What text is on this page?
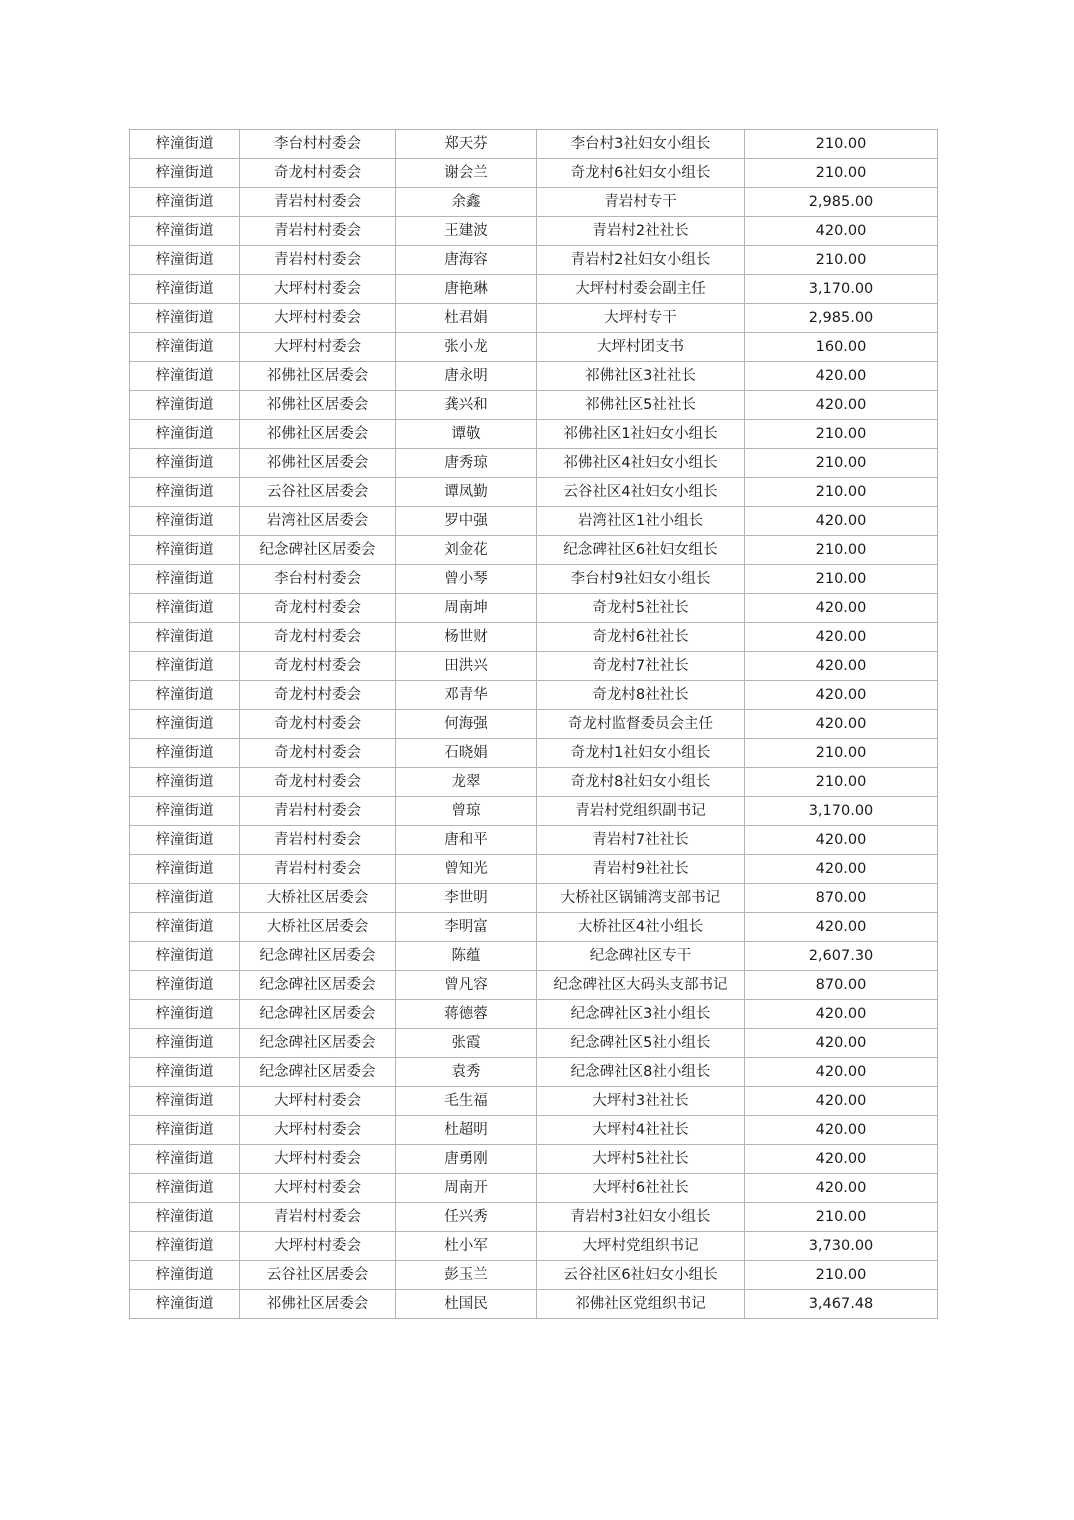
梓潼街道	李台村村委会	郑天芬	李台村3社妇女小组长	210.00
梓潼街道	奇龙村村委会	谢会兰	奇龙村6社妇女小组长	210.00
梓潼街道	青岩村村委会	余鑫	青岩村专干	2,985.00
梓潼街道	青岩村村委会	王建波	青岩村2社社长	420.00
梓潼街道	青岩村村委会	唐海容	青岩村2社妇女小组长	210.00
梓潼街道	大坪村村委会	唐艳琳	大坪村村委会副主任	3,170.00
梓潼街道	大坪村村委会	杜君娟	大坪村专干	2,985.00
梓潼街道	大坪村村委会	张小龙	大坪村团支书	160.00
梓潼街道	祁佛社区居委会	唐永明	祁佛社区3社社长	420.00
梓潼街道	祁佛社区居委会	龚兴和	祁佛社区5社社长	420.00
梓潼街道	祁佛社区居委会	谭敬	祁佛社区1社妇女小组长	210.00
梓潼街道	祁佛社区居委会	唐秀琼	祁佛社区4社妇女小组长	210.00
梓潼街道	云谷社区居委会	谭凤勤	云谷社区4社妇女小组长	210.00
梓潼街道	岩湾社区居委会	罗中强	岩湾社区1社小组长	420.00
梓潼街道	纪念碑社区居委会	刘金花	纪念碑社区6社妇女组长	210.00
梓潼街道	李台村村委会	曾小琴	李台村9社妇女小组长	210.00
梓潼街道	奇龙村村委会	周南坤	奇龙村5社社长	420.00
梓潼街道	奇龙村村委会	杨世财	奇龙村6社社长	420.00
梓潼街道	奇龙村村委会	田洪兴	奇龙村7社社长	420.00
梓潼街道	奇龙村村委会	邓青华	奇龙村8社社长	420.00
梓潼街道	奇龙村村委会	何海强	奇龙村监督委员会主任	420.00
梓潼街道	奇龙村村委会	石晓娟	奇龙村1社妇女小组长	210.00
梓潼街道	奇龙村村委会	龙翠	奇龙村8社妇女小组长	210.00
梓潼街道	青岩村村委会	曾琼	青岩村党组织副书记	3,170.00
梓潼街道	青岩村村委会	唐和平	青岩村7社社长	420.00
梓潼街道	青岩村村委会	曾知光	青岩村9社社长	420.00
梓潼街道	大桥社区居委会	李世明	大桥社区锅铺湾支部书记	870.00
梓潼街道	大桥社区居委会	李明富	大桥社区4社小组长	420.00
梓潼街道	纪念碑社区居委会	陈蕴	纪念碑社区专干	2,607.30
梓潼街道	纪念碑社区居委会	曾凡容	纪念碑社区大码头支部书记	870.00
梓潼街道	纪念碑社区居委会	蒋德蓉	纪念碑社区3社小组长	420.00
梓潼街道	纪念碑社区居委会	张霞	纪念碑社区5社小组长	420.00
梓潼街道	纪念碑社区居委会	袁秀	纪念碑社区8社小组长	420.00
梓潼街道	大坪村村委会	毛生福	大坪村3社社长	420.00
梓潼街道	大坪村村委会	杜超明	大坪村4社社长	420.00
梓潼街道	大坪村村委会	唐勇刚	大坪村5社社长	420.00
梓潼街道	大坪村村委会	周南开	大坪村6社社长	420.00
梓潼街道	青岩村村委会	任兴秀	青岩村3社妇女小组长	210.00
梓潼街道	大坪村村委会	杜小军	大坪村党组织书记	3,730.00
梓潼街道	云谷社区居委会	彭玉兰	云谷社区6社妇女小组长	210.00
梓潼街道	祁佛社区居委会	杜国民	祁佛社区党组织书记	3,467.48
